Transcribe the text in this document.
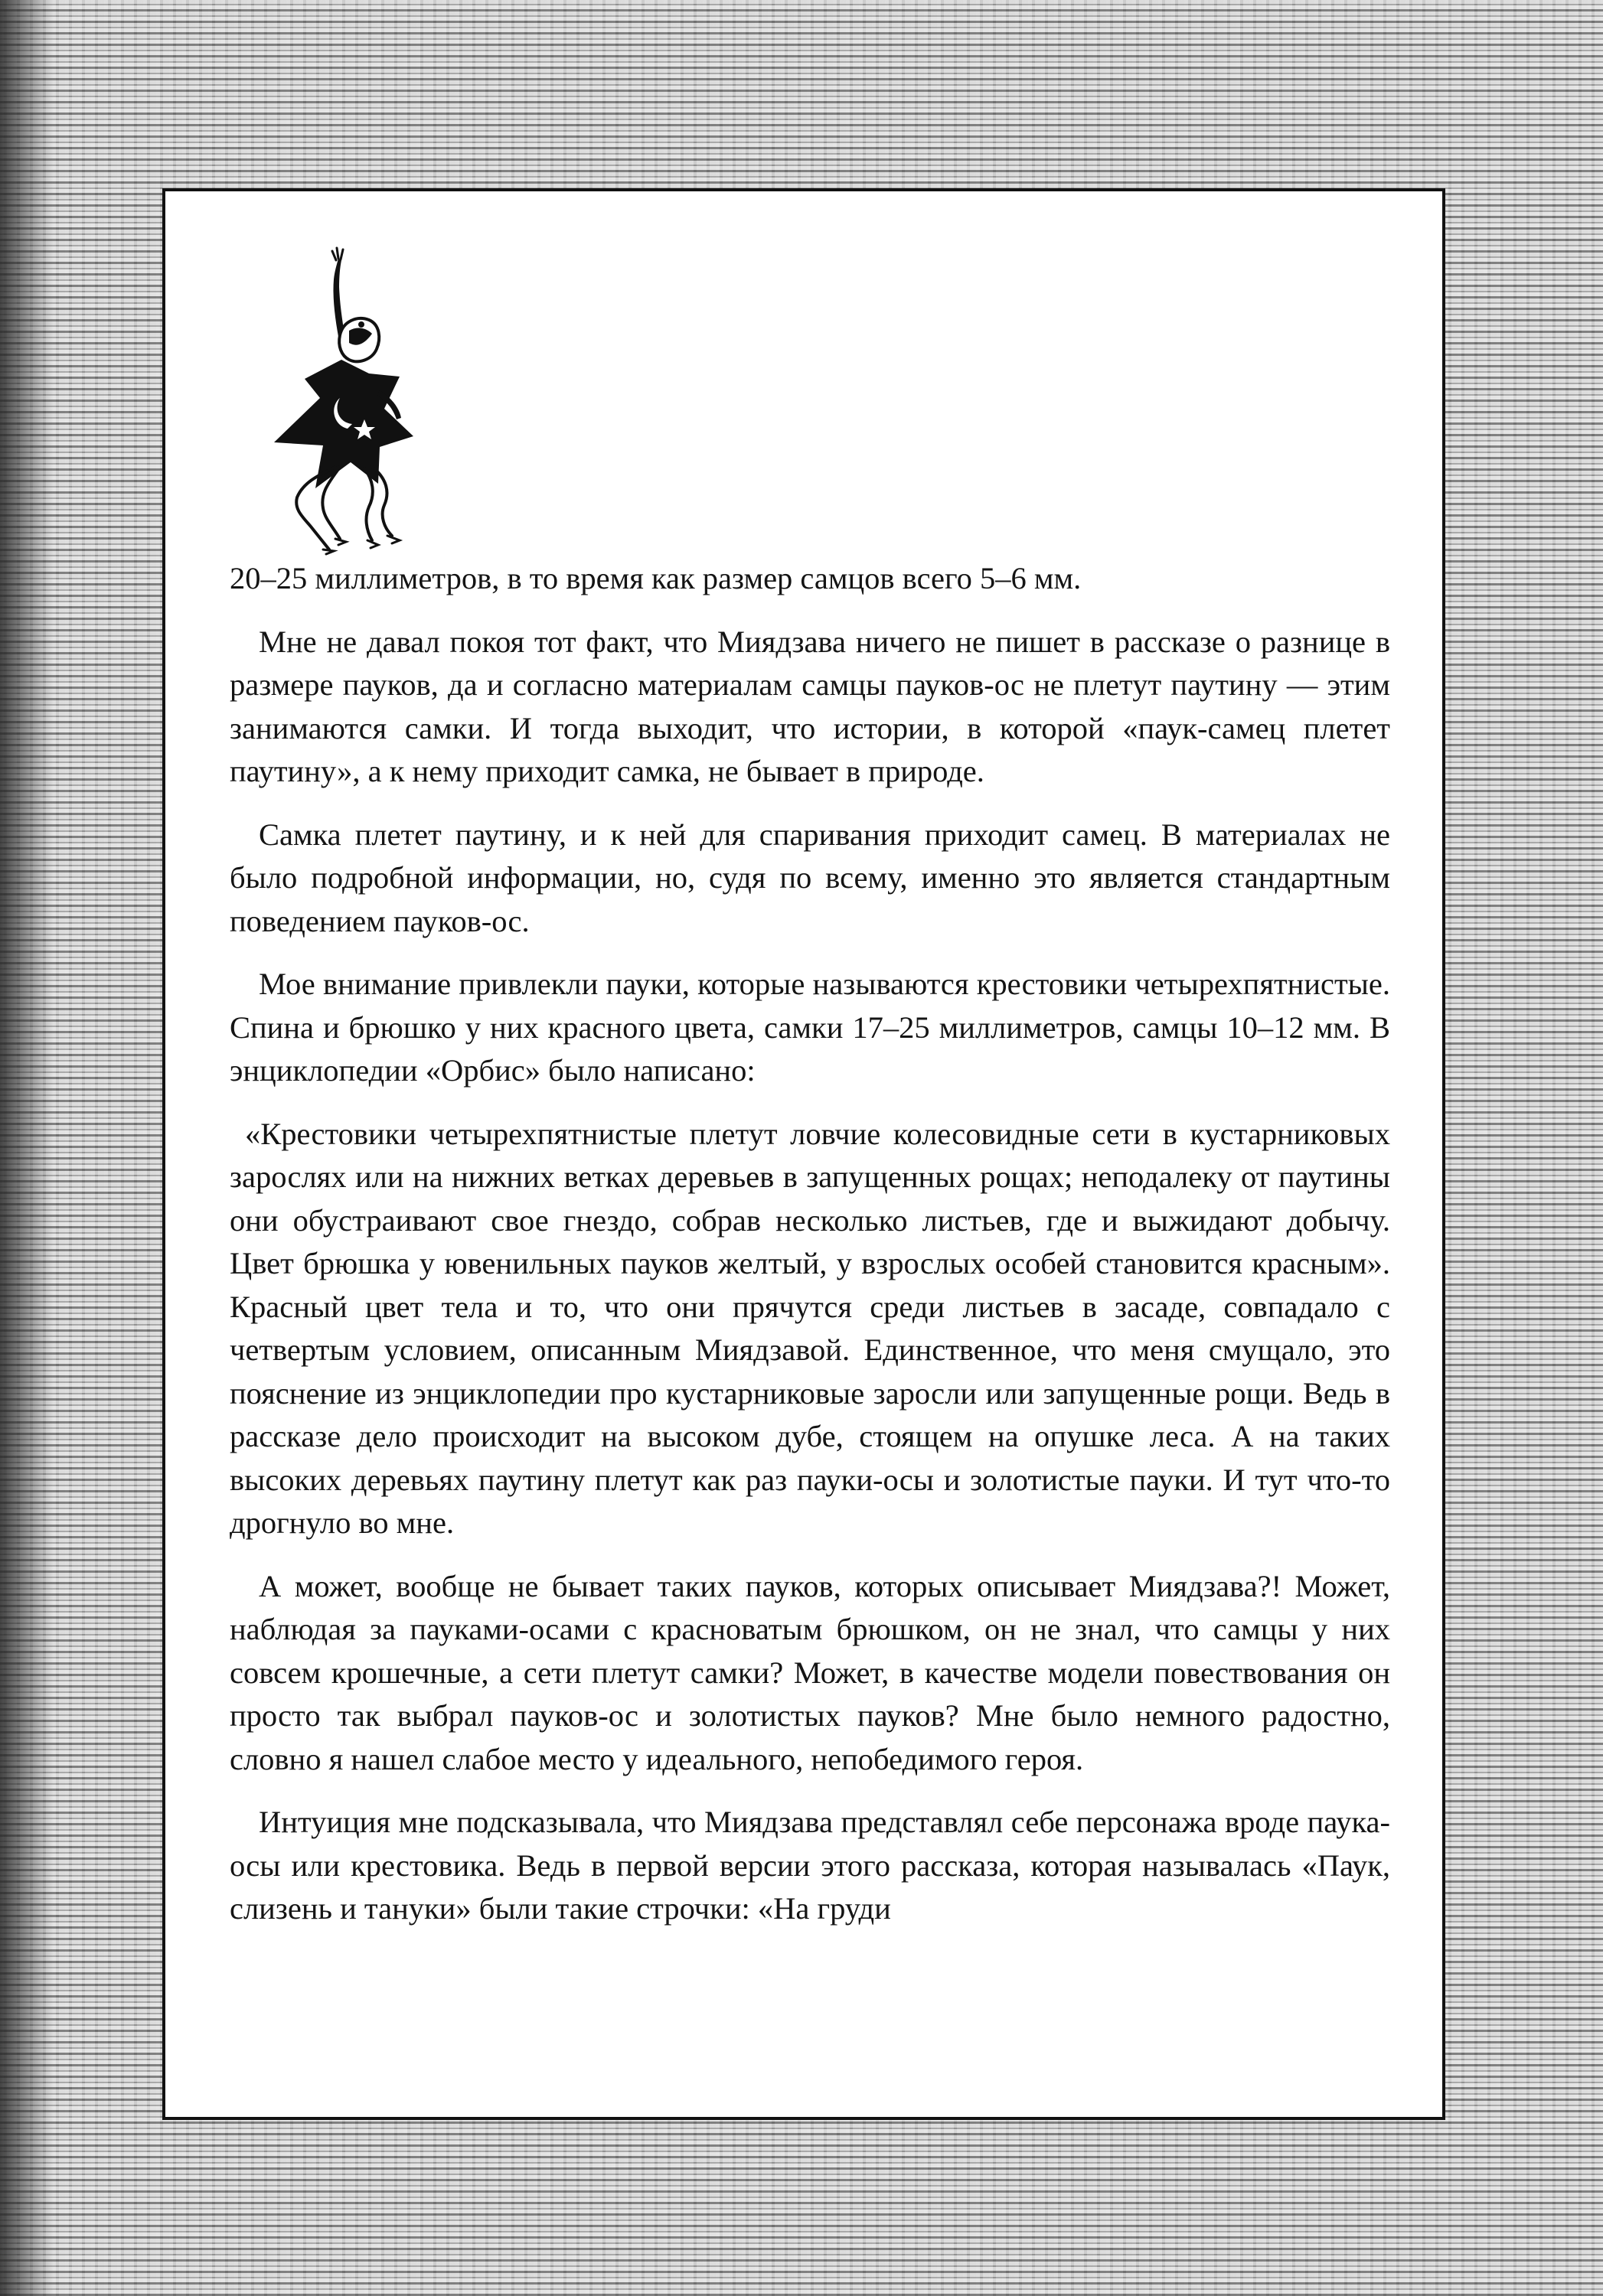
20–25 миллиметров, в то время как размер самцов всего 5–6 мм.

Мне не давал покоя тот факт, что Миядзава ничего не пишет в рассказе о разнице в размере пауков, да и согласно материалам самцы пауков-ос не плетут паутину — этим занимаются самки. И тогда выходит, что истории, в которой «паук-самец плетет паутину», а к нему приходит самка, не бывает в природе.

Самка плетет паутину, и к ней для спаривания приходит самец. В материалах не было подробной информации, но, судя по всему, именно это является стандартным поведением пауков-ос.

Мое внимание привлекли пауки, которые называются крестовики четырехпятнистые. Спина и брюшко у них красного цвета, самки 17–25 миллиметров, самцы 10–12 мм. В энциклопедии «Орбис» было написано:

«Крестовики четырехпятнистые плетут ловчие колесовидные сети в кустарниковых зарослях или на нижних ветках деревьев в запущенных рощах; неподалеку от паутины они обустраивают свое гнездо, собрав несколько листьев, где и выжидают добычу. Цвет брюшка у ювенильных пауков желтый, у взрослых особей становится красным». Красный цвет тела и то, что они прячутся среди листьев в засаде, совпадало с четвертым условием, описанным Миядзавой. Единственное, что меня смущало, это пояснение из энциклопедии про кустарниковые заросли или запущенные рощи. Ведь в рассказе дело происходит на высоком дубе, стоящем на опушке леса. А на таких высоких деревьях паутину плетут как раз пауки-осы и золотистые пауки. И тут что-то дрогнуло во мне.

А может, вообще не бывает таких пауков, которых описывает Миядзава?! Может, наблюдая за пауками-осами с красноватым брюшком, он не знал, что самцы у них совсем крошечные, а сети плетут самки? Может, в качестве модели повествования он просто так выбрал пауков-ос и золотистых пауков? Мне было немного радостно, словно я нашел слабое место у идеального, непобедимого героя.

Интуиция мне подсказывала, что Миядзава представлял себе персонажа вроде паука-осы или крестовика. Ведь в первой версии этого рассказа, которая называлась «Паук, слизень и тануки» были такие строчки: «На груди
